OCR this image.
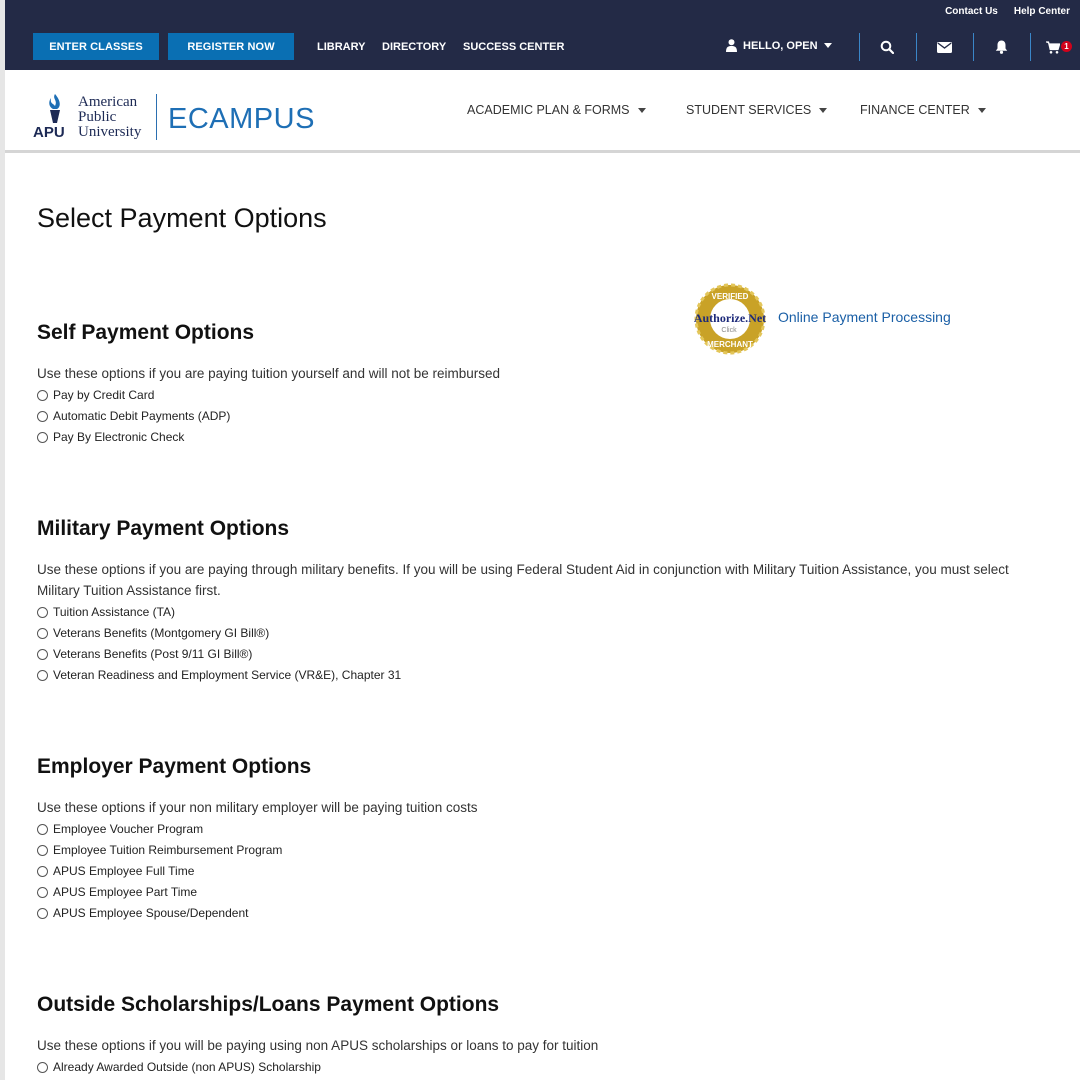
Contact Us Help Center
ENTER CLASSES	REGISTER NOW	LIBRARY DIRECTORY SUCCESS CENTER	HELLO, OPEN	1
APU
American
Public
University ECAMPUS	ACADEMIC PLAN & FORMS	STUDENT SERVICES	FINANCE CENTER
Select Payment Options
VERIFIED
Authorize.Net
Click
MERCHANT
Online Payment Processing
Self Payment Options

Use these options if you are paying tuition yourself and will not be reimbursed

Pay by Credit Card
Automatic Debit Payments (ADP)
Pay By Electronic Check
Military Payment Options

Use these options if you are paying through military benefits. If you will be using Federal Student Aid in conjunction with Military Tuition Assistance, you must select Military Tuition Assistance first.

Tuition Assistance (TA)
Veterans Benefits (Montgomery GI Bill®)
Veterans Benefits (Post 9/11 GI Bill®)
Veteran Readiness and Employment Service (VR&E), Chapter 31
Employer Payment Options

Use these options if your non military employer will be paying tuition costs

Employee Voucher Program
Employee Tuition Reimbursement Program
APUS Employee Full Time
APUS Employee Part Time
APUS Employee Spouse/Dependent
Outside Scholarships/Loans Payment Options

Use these options if you will be paying using non APUS scholarships or loans to pay for tuition

Already Awarded Outside (non APUS) Scholarship
